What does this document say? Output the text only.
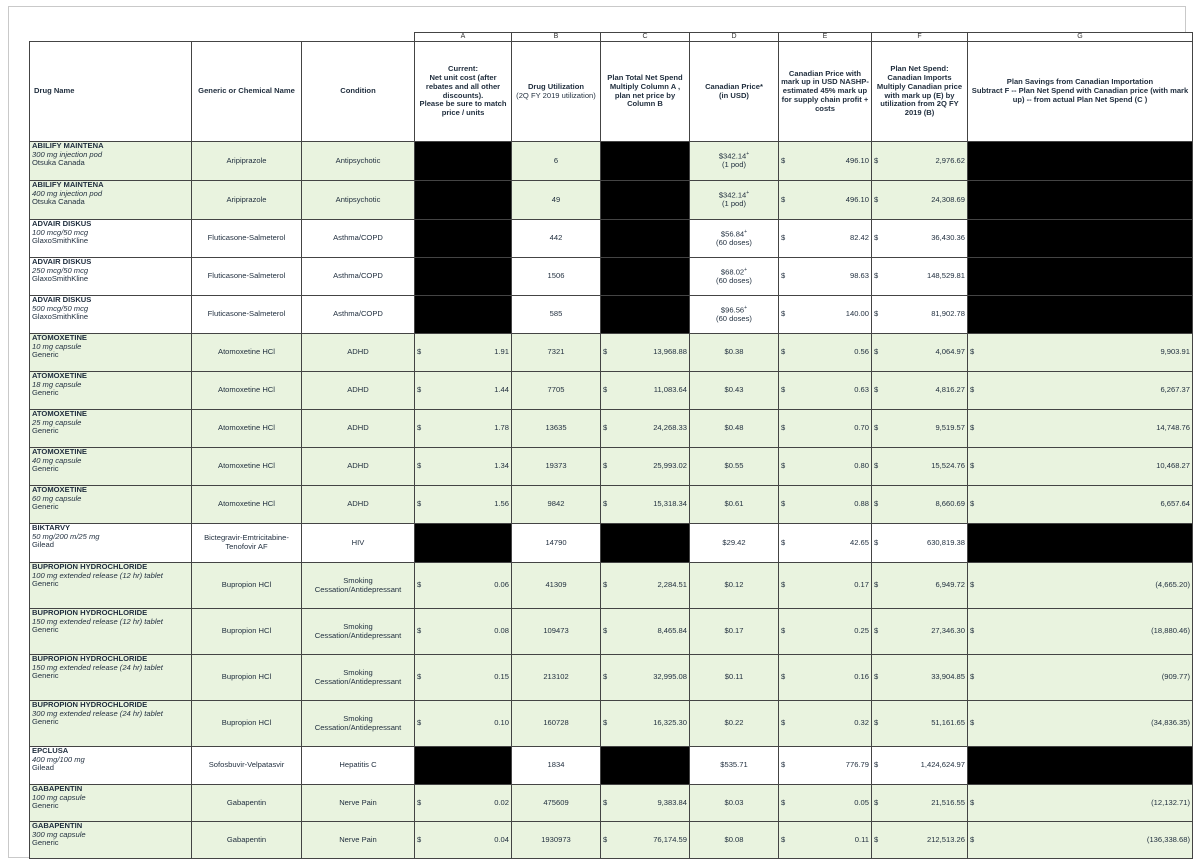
			A	B	C	D	E	F	G
Drug Name	Generic or Chemical Name	Condition	Current:
Net unit cost (after rebates and all other discounts).
Please be sure to match price / units	Drug Utilization
(2Q FY 2019 utilization)	Plan Total Net Spend Multiply Column A , plan net price by Column B	Canadian Price*
(in USD)	Canadian Price with mark up in USD NASHP-estimated 45% mark up for supply chain profit + costs	Plan Net Spend: Canadian Imports
Multiply Canadian price with mark up (E) by utilization from 2Q FY 2019 (B)	Plan Savings from Canadian Importation
Subtract F -- Plan Net Spend with Canadian price (with mark up) -- from actual Plan Net Spend (C )

ABILIFY MAINTENA
300 mg injection pod
Otsuka Canada	Aripiprazole	Antipsychotic		6		$342.14+
(1 pod)	$ 496.10	$ 2,976.62	

ABILIFY MAINTENA
400 mg injection pod
Otsuka Canada	Aripiprazole	Antipsychotic		49		$342.14+
(1 pod)	$ 496.10	$ 24,308.69	

ADVAIR DISKUS
100 mcg/50 mcg
GlaxoSmithKline	Fluticasone-Salmeterol	Asthma/COPD		442		$56.84+
(60 doses)	$ 82.42	$ 36,430.36	

ADVAIR DISKUS
250 mcg/50 mcg
GlaxoSmithKline	Fluticasone-Salmeterol	Asthma/COPD		1506		$68.02+
(60 doses)	$ 98.63	$ 148,529.81	

ADVAIR DISKUS
500 mcg/50 mcg
GlaxoSmithKline	Fluticasone-Salmeterol	Asthma/COPD		585		$96.56+
(60 doses)	$ 140.00	$ 81,902.78	

ATOMOXETINE
10 mg capsule
Generic	Atomoxetine HCl	ADHD	$ 1.91	7321	$ 13,968.88	$0.38	$ 0.56	$ 4,064.97	$ 9,903.91

ATOMOXETINE
18 mg capsule
Generic	Atomoxetine HCl	ADHD	$ 1.44	7705	$ 11,083.64	$0.43	$ 0.63	$ 4,816.27	$ 6,267.37

ATOMOXETINE
25 mg capsule
Generic	Atomoxetine HCl	ADHD	$ 1.78	13635	$ 24,268.33	$0.48	$ 0.70	$ 9,519.57	$ 14,748.76

ATOMOXETINE
40 mg capsule
Generic	Atomoxetine HCl	ADHD	$ 1.34	19373	$ 25,993.02	$0.55	$ 0.80	$ 15,524.76	$ 10,468.27

ATOMOXETINE
60 mg capsule
Generic	Atomoxetine HCl	ADHD	$ 1.56	9842	$ 15,318.34	$0.61	$ 0.88	$ 8,660.69	$ 6,657.64

BIKTARVY
50 mg/200 m/25 mg
Gilead	Bictegravir-Emtricitabine-Tenofovir AF	HIV		14790		$29.42	$ 42.65	$ 630,819.38	

BUPROPION HYDROCHLORIDE
100 mg extended release (12 hr) tablet
Generic	Bupropion HCl	Smoking Cessation/Antidepressant	$ 0.06	41309	$ 2,284.51	$0.12	$ 0.17	$ 6,949.72	$ (4,665.20)

BUPROPION HYDROCHLORIDE
150 mg extended release (12 hr) tablet
Generic	Bupropion HCl	Smoking Cessation/Antidepressant	$ 0.08	109473	$ 8,465.84	$0.17	$ 0.25	$ 27,346.30	$ (18,880.46)

BUPROPION HYDROCHLORIDE
150 mg extended release (24 hr) tablet
Generic	Bupropion HCl	Smoking Cessation/Antidepressant	$ 0.15	213102	$ 32,995.08	$0.11	$ 0.16	$ 33,904.85	$ (909.77)

BUPROPION HYDROCHLORIDE
300 mg extended release (24 hr) tablet
Generic	Bupropion HCl	Smoking Cessation/Antidepressant	$ 0.10	160728	$ 16,325.30	$0.22	$ 0.32	$ 51,161.65	$ (34,836.35)

EPCLUSA
400 mg/100 mg
Gilead	Sofosbuvir-Velpatasvir	Hepatitis C		1834		$535.71	$ 776.79	$ 1,424,624.97	

GABAPENTIN
100 mg capsule
Generic	Gabapentin	Nerve Pain	$ 0.02	475609	$ 9,383.84	$0.03	$ 0.05	$ 21,516.55	$ (12,132.71)

GABAPENTIN
300 mg capsule
Generic	Gabapentin	Nerve Pain	$ 0.04	1930973	$ 76,174.59	$0.08	$ 0.11	$ 212,513.26	$ (136,338.68)
